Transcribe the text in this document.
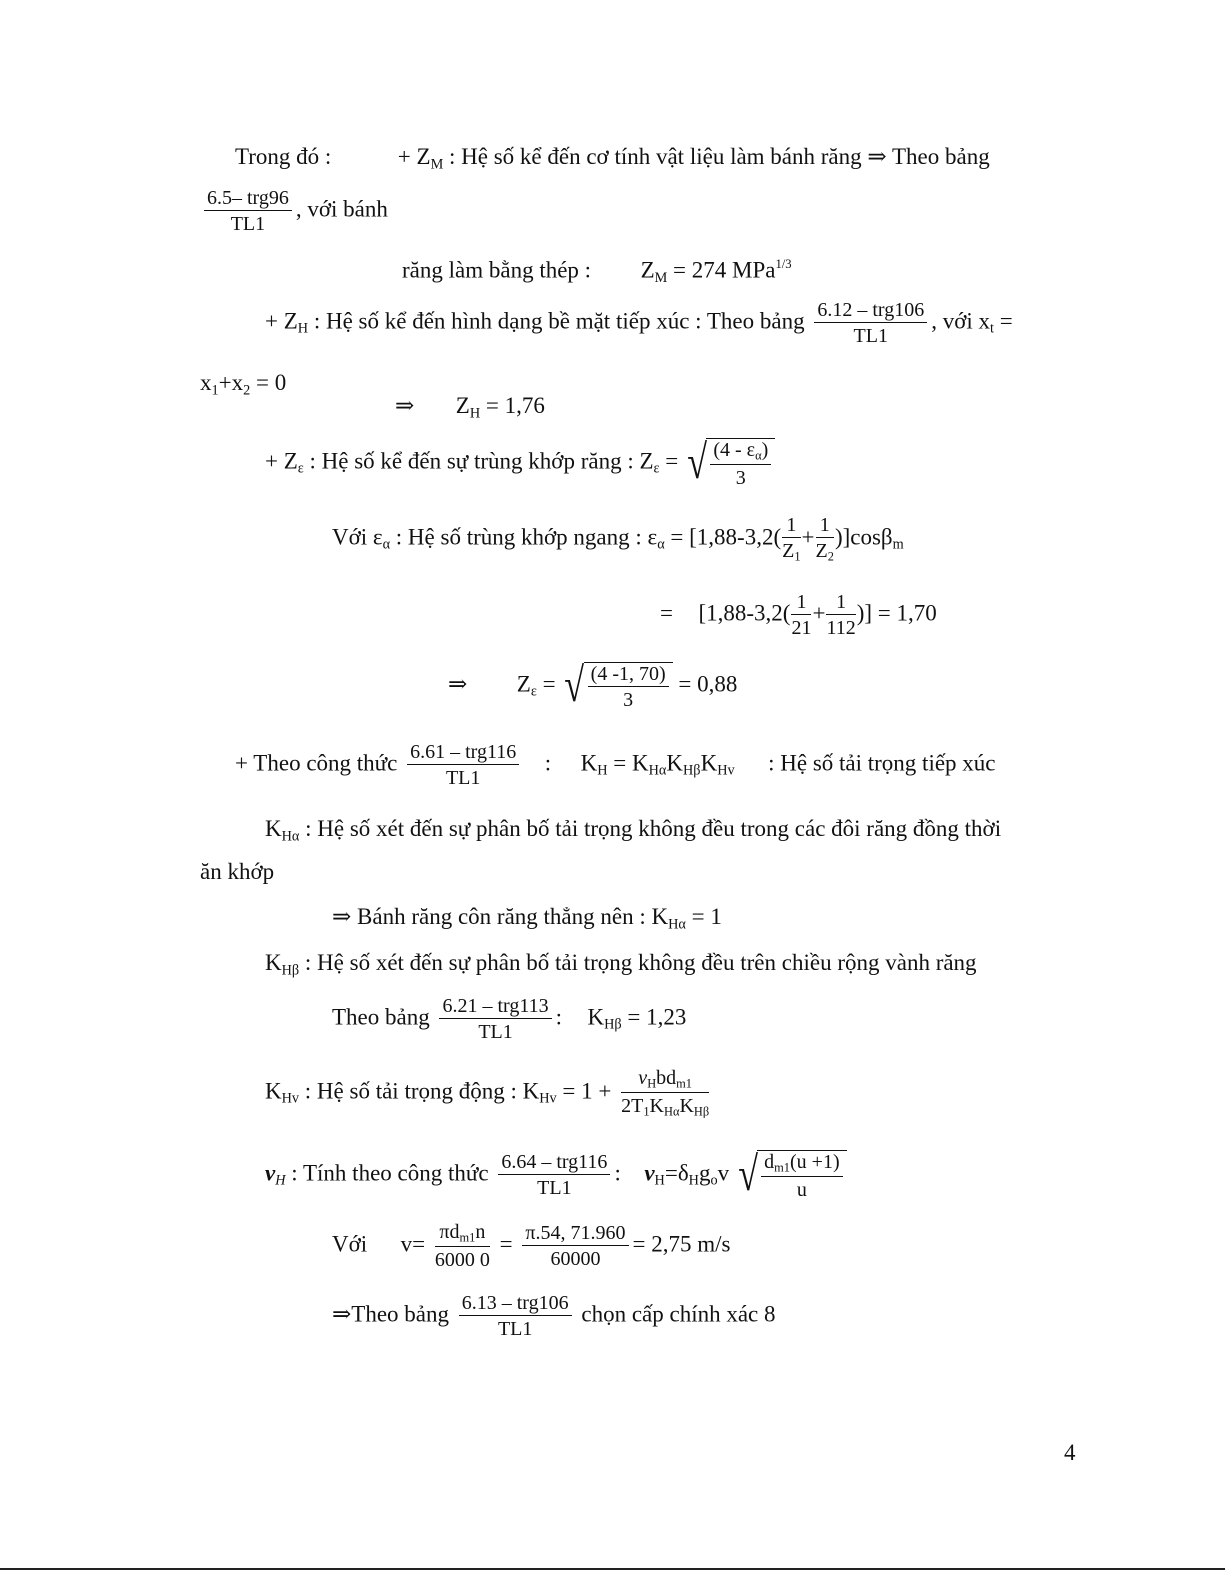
Trong đó :	+ $Z_M$ : Hệ số kể đến cơ tính vật liệu làm bánh răng ⇒ Theo bảng
$\frac{\text{6.5– trg96}}{TL1}$ , với bánh
răng làm bằng thép : $Z_M = 274$ MPa$^{1/3}$
+ $Z_H$ : Hệ số kể đến hình dạng bề mặt tiếp xúc : Theo bảng $\frac{\text{6.12 – trg106}}{TL1}$ , với $x_t$ =
$x_1+x_2 = 0$
⇒ $Z_H = 1,76$
+ $Z_\varepsilon$ : Hệ số kể đến sự trùng khớp răng : $Z_\varepsilon$ = √ $\frac{(4 - \varepsilon_\alpha)}{3}$
Với $\varepsilon_\alpha$ : Hệ số trùng khớp ngang : $\varepsilon_\alpha = [1,88-3,2( \frac{1}{Z_1} + \frac{1}{Z_2} )]\cos\beta_m$
= [$1,88-3,2( \frac{1}{21} + \frac{1}{112}$ )] = 1,70
⇒ $Z_\varepsilon$ = √ $\frac{(4 -1, 70)}{3} = 0,88$
+ Theo công thức $\frac{\text{6.61 – trg116}}{TL1}$ : $K_H = K_{H\alpha}K_{H\beta}K_{Hv}$ : Hệ số tải trọng tiếp xúc
$K_{H\alpha}$ : Hệ số xét đến sự phân bố tải trọng không đều trong các đôi răng đồng thời
ăn khớp
⇒ Bánh răng côn răng thẳng nên : $K_{H\alpha} = 1$
$K_{H\beta}$ : Hệ số xét đến sự phân bố tải trọng không đều trên chiều rộng vành răng
Theo bảng $\frac{\text{6.21 – trg113}}{TL1}$ : $K_{H\beta} = 1,23$
$K_{Hv}$ : Hệ số tải trọng động : $K_{Hv} = 1 + \frac{v_Hbd_{m1}}{2T_1K_{H\alpha}K_{H\beta}}$
$v_H$ : Tính theo công thức $\frac{\text{6.64 – trg116}}{TL1}$ : $v_H=\delta_Hg_ov$ √ $\frac{d_{m1}(u +1)}{u}$
Với $v= \frac{\pi d_{m1}n}{6000 0} = \frac{\pi.54, 71.960}{60000} = 2,75$ m/s
⇒Theo bảng $\frac{\text{6.13 – trg106}}{TL1}$ chọn cấp chính xác 8
4
